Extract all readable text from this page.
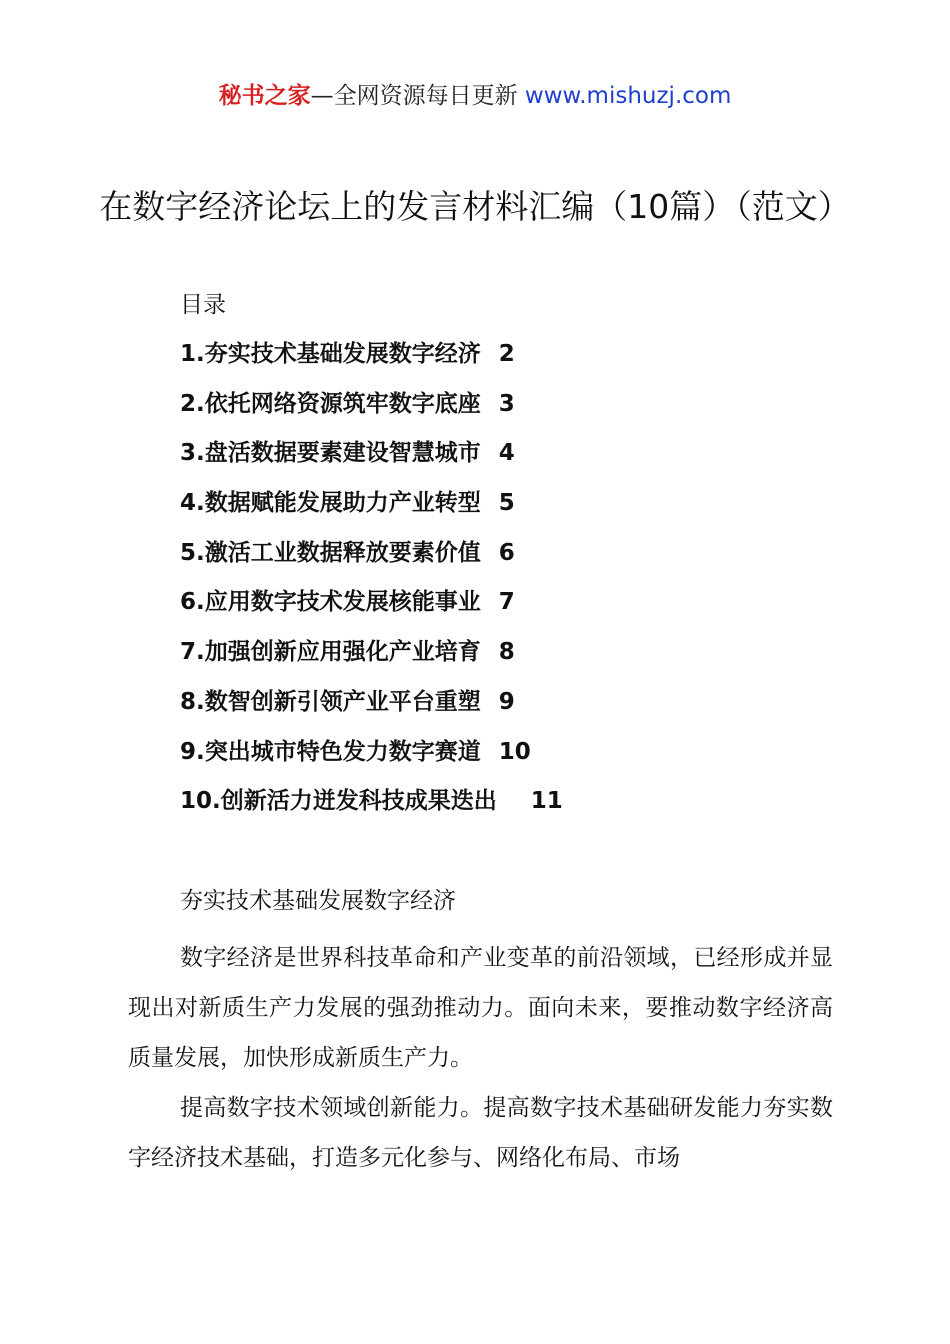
秘书之家—全网资源每日更新 www.mishuzj.com
在数字经济论坛上的发言材料汇编（10篇）（范文）
目录
1.夯实技术基础发展数字经济 2
2.依托网络资源筑牢数字底座 3
3.盘活数据要素建设智慧城市 4
4.数据赋能发展助力产业转型 5
5.激活工业数据释放要素价值 6
6.应用数字技术发展核能事业 7
7.加强创新应用强化产业培育 8
8.数智创新引领产业平台重塑 9
9.突出城市特色发力数字赛道 10
10.创新活力迸发科技成果迭出 11
夯实技术基础发展数字经济
数字经济是世界科技革命和产业变革的前沿领域，已经形成并显现出对新质生产力发展的强劲推动力。面向未来，要推动数字经济高质量发展，加快形成新质生产力。
提高数字技术领域创新能力。提高数字技术基础研发能力夯实数字经济技术基础，打造多元化参与、网络化布局、市场
